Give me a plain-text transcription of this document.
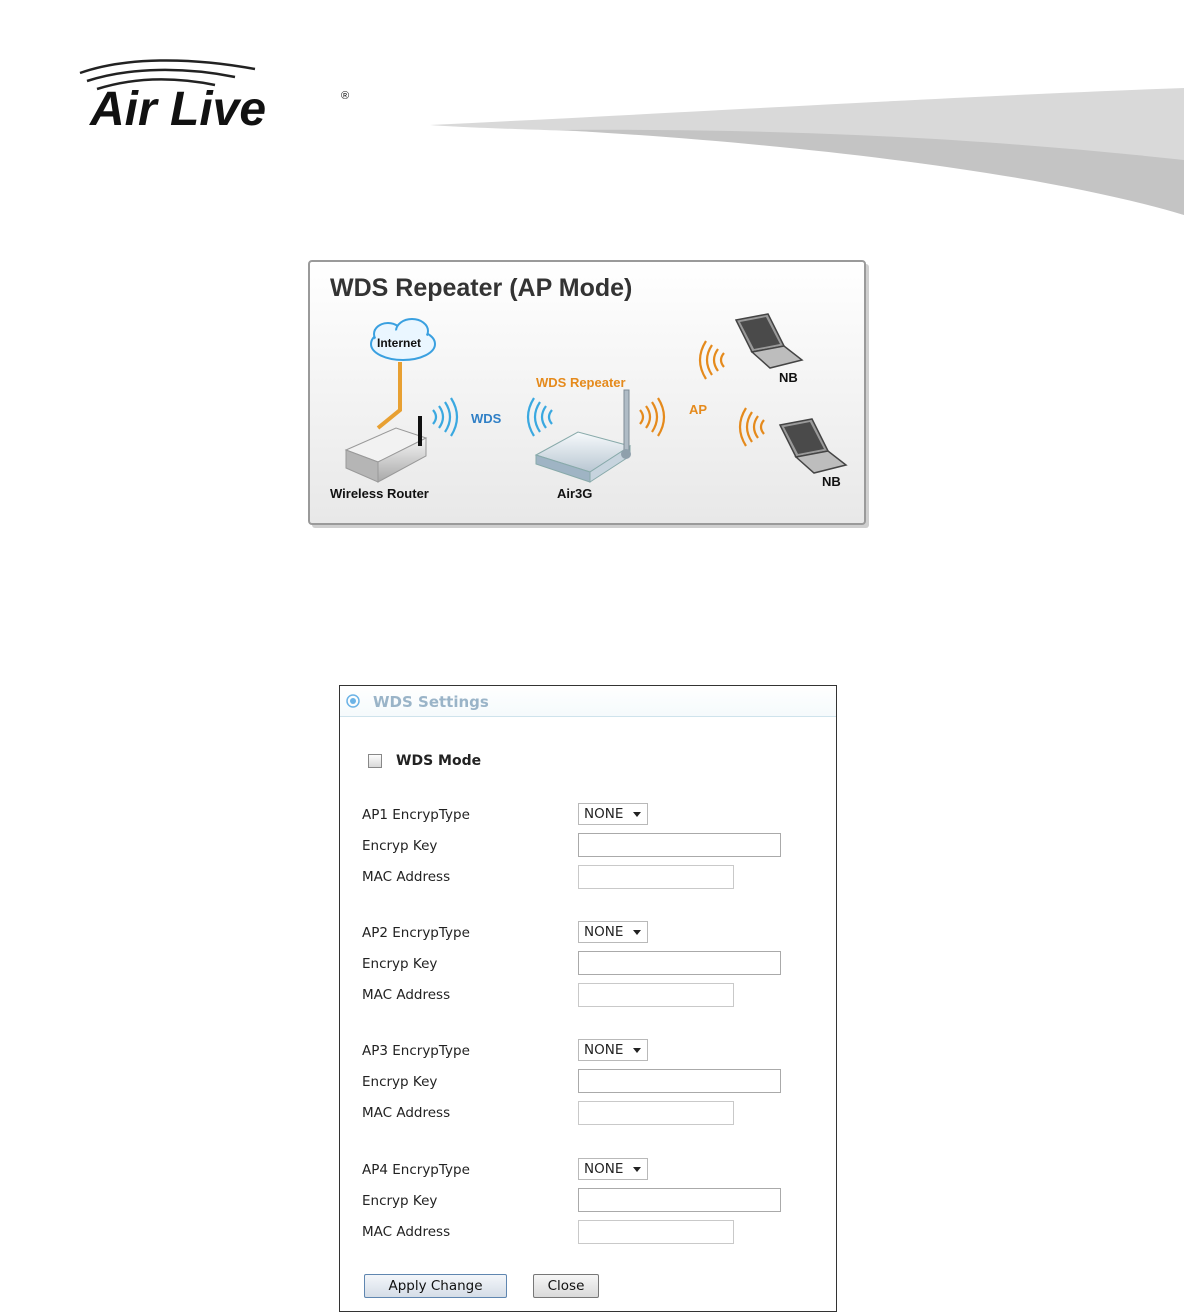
Air Live	®
WDS Repeater (AP Mode)
Internet
WDS Repeater
WDS
AP
NB
NB
Wireless Router	Air3G
WDS Settings
WDS Mode
AP1 EncrypType	NONE
Encryp Key
MAC Address
AP2 EncrypType	NONE
Encryp Key
MAC Address
AP3 EncrypType	NONE
Encryp Key
MAC Address
AP4 EncrypType	NONE
Encryp Key
MAC Address
Apply Change	Close
